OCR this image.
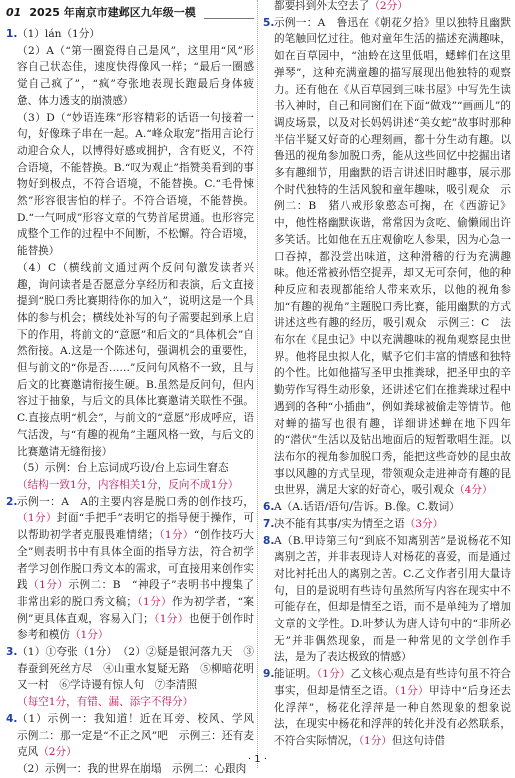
01 2025 年南京市建邺区九年级一模
1. （1）lán（1分）
（2）A（“第一圈瓷得自己是风”，这里用“风”形容自己状态佳，速度快得像风一样；“最后一圈感觉自己疯了”，“疯”夸张地表现长跑最后身体疲惫、体力透支的崩溃感）
（3）D（“妙语连珠”形容精彩的话语一句接着一句，好像珠子串在一起。A.“峰众取宠”指用言论行动迎合众人，以博得好感或拥护，含有贬义，不符合语境，不能替换。B.“叹为观止”指赞美看到的事物好到极点，不符合语境，不能替换。C.“毛骨悚然”形容很害怕的样子。不符合语境，不能替换。D.“一气呵成”形容文章的气势首尾贯通。也形容完成整个工作的过程中不间断，不松懈。符合语境，能替换）
（4）C（横线前文通过两个反问句激发读者兴趣，询问读者是否愿意分享经历和表演，后文直接提到“脱口秀比赛期待你的加入”，说明这是一个具体的参与机会；横线处补写的句子需要起到承上启下的作用，将前文的“意愿”和后文的“具体机会”自然衔接。A.这是一个陈述句，强调机会的重要性，但与前文的“你是否……”反问句风格不一致，且与后文的比赛邀请衔接生硬。B.虽然是反问句，但内容过于抽象，与后文的具体比赛邀请关联性不强。C.直接点明“机会”，与前文的“意愿”形成呼应，语气活泼，与“有趣的视角”主题风格一致，与后文的比赛邀请无缝衔接）
（5）示例：台上忘词成巧设/台上忘词生窘态
（结构一致1分，内容相关1分，反向不成1分）
2. 示例一：A　A的主要内容是脱口秀的创作技巧，（1分）封面“手把手”表明它的指导便于操作，可以帮助初学者克服畏难情绪；（1分）“创作技巧大全”则表明书中有具体全面的指导方法，符合初学者学习创作脱口秀文本的需求，可直接用来创作实践（1分）示例二：B　“神段子”表明书中搜集了非常出彩的脱口秀文稿；（1分）作为初学者，“案例”更具体直观，容易入门；（1分）也便于创作时参考和模仿（1分）
3. （1）①夸张（1分）　（2）②疑是银河落九天　③春蚕到死丝方尽　④山重水复疑无路　⑤柳暗花明又一村　⑥学诗谩有惊人句　⑦李清照
（每空1分，有错、漏、添字不得分）
4. （1）示例一：我知道！近在耳旁、校风、学风　示例二：那一定是“不正之风”吧　示例三：还有麦克风（2分）
（2）示例一：我的世界在崩塌　示例二：心跟肉
都要抖到外太空去了（2分）
5. 示例一：A　鲁迅在《朝花夕拾》里以独特且幽默的笔触回忆过往。他对童年生活的描述充满趣味，如在百草园中，“油蛉在这里低唱，蟋蟀们在这里弹琴”，这种充满童趣的描写展现出他独特的观察力。还有他在《从百草园到三味书屋》中写先生读书入神时，自己和同窗们在下面“做戏”“画画儿”的调皮场景，以及对长妈妈讲述“美女蛇”故事时那种半信半疑又好奇的心理刻画，都十分生动有趣。以鲁迅的视角参加脱口秀，能从这些回忆中挖掘出诸多有趣细节，用幽默的语言讲述旧时趣事，展示那个时代独特的生活风貌和童年趣味，吸引观众　示例二：B　猪八戒形象憨态可掬，在《西游记》中，他性格幽默诙谐，常常因为贪吃、偷懒闹出许多笑话。比如他在五庄观偷吃人参果，因为心急一口吞掉，都没尝出味道，这种滑稽的行为充满趣味。他还常被孙悟空捉弄，却又无可奈何，他的种种反应和表现都能给人带来欢乐，以他的视角参加“有趣的视角”主题脱口秀比赛，能用幽默的方式讲述这些有趣的经历，吸引观众　示例三：C　法布尔在《昆虫记》中以充满趣味的视角观察昆虫世界。他将昆虫拟人化，赋予它们丰富的情感和独特的个性。比如他描写圣甲虫推粪球，把圣甲虫的辛勤劳作写得生动形象，还讲述它们在推粪球过程中遇到的各种“小插曲”，例如粪球被偷走等情节。他对蝉的描写也很有趣，详细讲述蝉在地下四年的“潜伏”生活以及钻出地面后的短暂歌唱生涯。以法布尔的视角参加脱口秀，能把这些奇妙的昆虫故事以风趣的方式呈现，带领观众走进神奇有趣的昆虫世界，满足大家的好奇心，吸引观众（4分）
6. A（A.话语/语句/告诉。B.像。C.数词）
7. 决不能有其事/实为情至之语（3分）
8. A（B.甲诗第三句“到底不知离别苦”是说杨花不知离别之苦，并非表现诗人对杨花的喜爱，而是通过对比衬托出人的离别之苦。C.乙文作者引用大量诗句，目的是说明有些诗句虽然所写内容在现实中不可能存在，但却是情至之语，而不是单纯为了增加文章的文学性。D.叶梦认为唐人诗句中的“非所必无”并非偶然现象，而是一种常见的文学创作手法，是为了表达极致的情感）
9. 能证明。（1分）乙文核心观点是有些诗句虽不符合事实，但却是情至之语。（1分）甲诗中“后身还去化浮萍”，杨花化浮萍是一种自然现象的想象说法，在现实中杨花和浮萍的转化并没有必然联系，不符合实际情况，（1分）但这句诗借
· 1 ·
